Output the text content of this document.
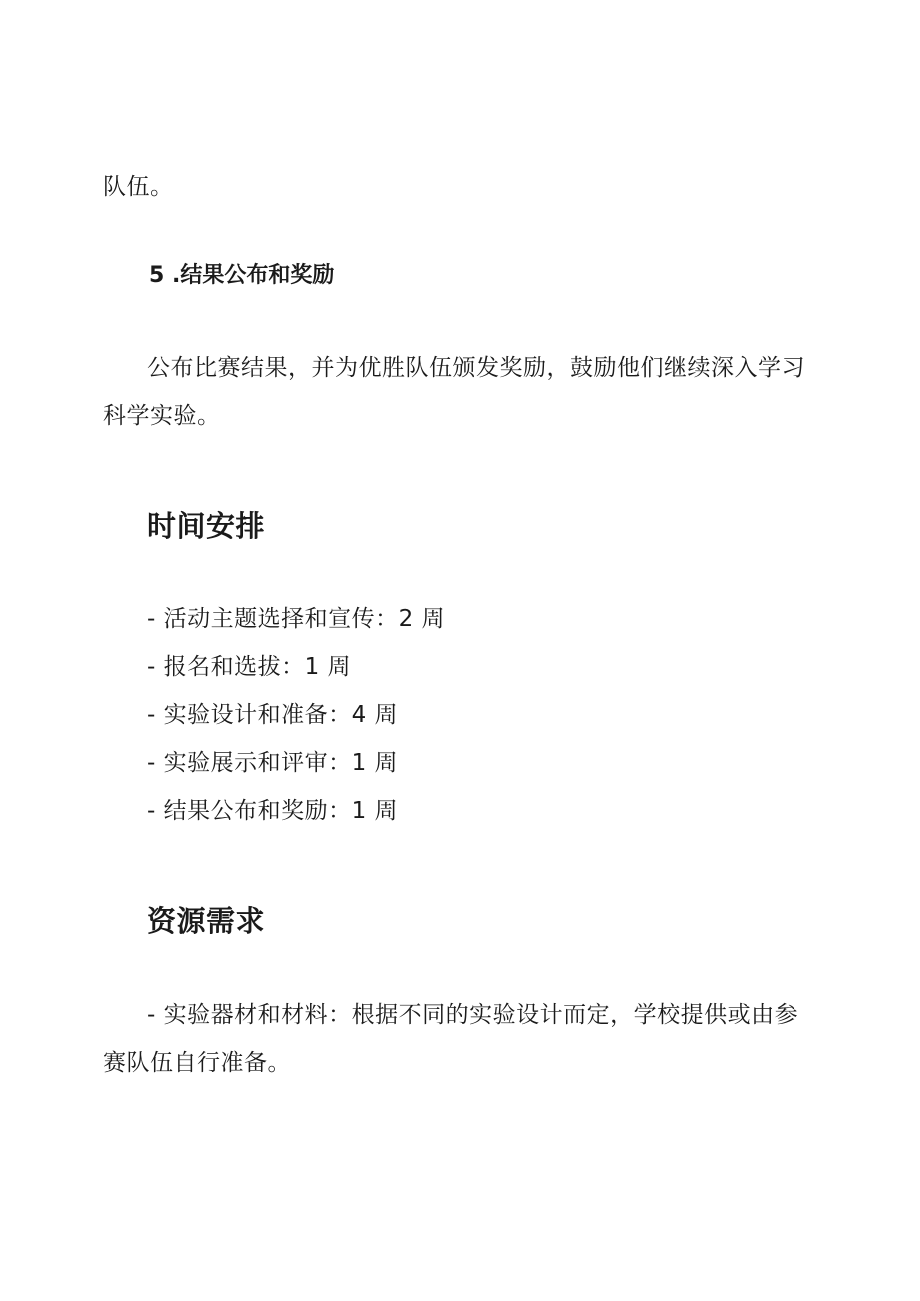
队伍。
5 .结果公布和奖励
公布比赛结果，并为优胜队伍颁发奖励，鼓励他们继续深入学习
科学实验。
时间安排
- 活动主题选择和宣传：2 周
- 报名和选拔：1 周
- 实验设计和准备：4 周
- 实验展示和评审：1 周
- 结果公布和奖励：1 周
资源需求
- 实验器材和材料：根据不同的实验设计而定，学校提供或由参
赛队伍自行准备。
